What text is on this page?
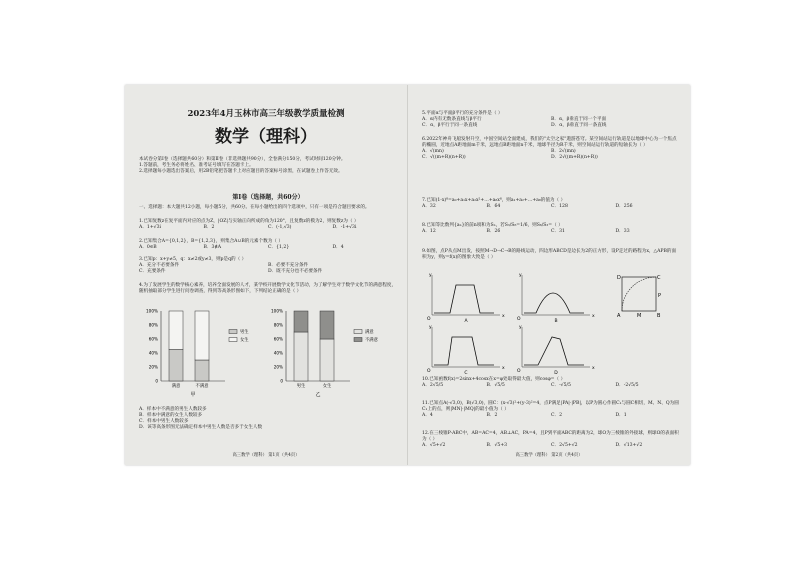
2023年4月玉林市高三年级教学质量检测
数学（理科）
本试卷分第Ⅰ卷（选择题共60分）和第Ⅱ卷（非选择题共90分），全卷满分150分，考试时间120分钟。
1.答题前，考生务必将姓名、准考证号填写在答题卡上。
2.选择题每小题选出答案后，用2B铅笔把答题卡上对应题目的答案标号涂黑，在试题卷上作答无效。
第Ⅰ卷（选择题，共60分）
一、选择题：本大题共12小题，每小题5分，共60分。在每小题给出的四个选项中，只有一项是符合题目要求的。
1.已知复数z在复平面内对应的点为Z，|OZ|与实轴正向所成的角为120°，且复数z的模为2，则复数z为（ ）
A．1+√3i	B．2	C．(-1,√3)	D．-1+√3i
2.已知集合A={0,1,2}，B={1,2,3}，则集合A∪B的元素个数为（ ）
A．0∈B	B．3∉A	C．{1,2}	D．4
3.已知p：x+y≠5，q：x≠2或y≠3，则p是q的（ ）
A．充分不必要条件	B．必要不充分条件
C．充要条件	D．既不充分也不必要条件
4.为了发展学生的数学核心素养，培养全面发展的人才，某学校开展数学文化节活动，为了解学生对于数学文化节的满意程度，随机抽取部分学生进行问卷调查，得到等高条形图如下，下列结论正确的是（ ）
100%
80%
60%
40%
20%
0
满意	不满意
男生
女生
甲
100%
80%
60%
40%
20%
0
男生	女生
满意
不满意
乙
A．样本中不满意的男生人数较多
B．样本中满意的女生人数较多
C．样本中男生人数较多
D．该等高条形图无法确定样本中男生人数是否多于女生人数
高三数学（理科） 第1页（共4页）
5.平面α与平面β平行的充分条件是（ ）
A．α内有无数条直线与β平行	B．α，β垂直于同一个平面
C．α，β平行于同一条直线	D．α，β垂直于同一条直线
6.2022年神舟飞船发射升空，中国空间站全面建成，我们的"太空之家"遨游苍穹。某空间站运行轨道是以地球中心为一个焦点的椭圆，近地点A距地面m千米，远地点B距地面n千米，地球半径为R千米，则空间站运行轨道的短轴长为（ ）
A．√(mn)	B．2√(mn)
C．√((m+R)(n+R))	D．2√((m+R)(n+R))
7.已知(1-x)⁸=a₀+a₁x+a₂x²+…+a₈x⁸，则a₁+a₂+…+a₈的值为（ ）
A．32	B．64	C．128	D．256
8.已知等比数列{aₙ}的前n项和为Sₙ，若S₃/S₆=1/6，则S₆/S₃=（ ）
A．12	B．26	C．31	D．33
9.如图，点P从点M出发，按照M→D→C→B的路线运动，四边形ABCD是边长为2的正方形，设P走过的路程为x，△APB的面积为y，则y=f(x)的图象大致是（ ）
x
y
O	A
x
y
O	B
x
y
O	C
x
y
O	D
D	C
P
A	M	B
10.已知函数f(x)=2sinx+4cosx在x=φ处取得最大值，则cosφ=（ ）
A．2√5/5	B．√5/5	C．-√5/5	D．-2√5/5
11.已知点A(-√3,0)，B(√3,0)，圆C：(x-√3)²+(y-3)²=4，点P满足|PA|·|PB|，以P为圆心作圆C₁与圆C相切，M、N、Q为圆C₁上的点，则|MN|·|MQ|的最小值为（ ）
A．4	B．2	C．2	D．1
12.在三棱锥P-ABC中，AB=AC=4，AB⊥AC，PA=4，且P到平面ABC的距离为2，球O为三棱锥的外接球，则球O的表面积为（ ）
A．√5+√2	B．√5+3	C．2√5+√2	D．√13+√2
高三数学（理科） 第2页（共4页）
